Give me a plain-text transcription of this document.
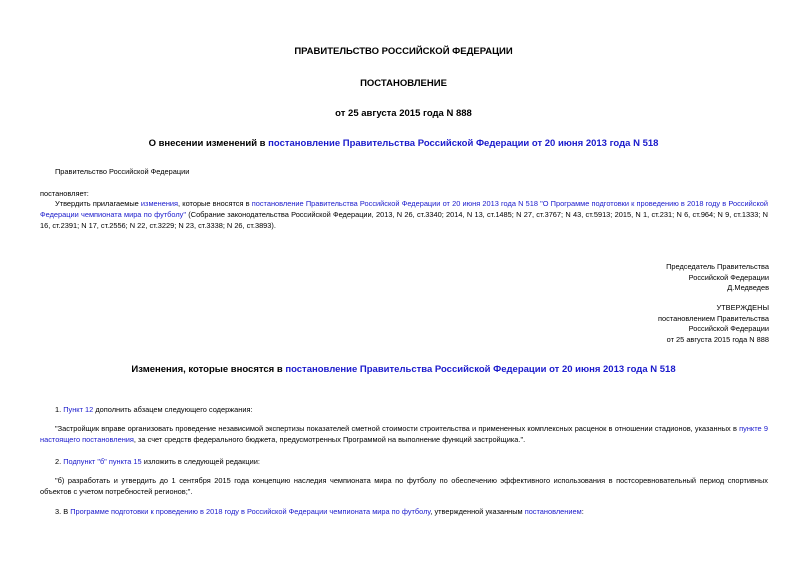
ПРАВИТЕЛЬСТВО РОССИЙСКОЙ ФЕДЕРАЦИИ
ПОСТАНОВЛЕНИЕ
от 25 августа 2015 года N 888
О внесении изменений в постановление Правительства Российской Федерации от 20 июня 2013 года N 518
Правительство Российской Федерации
постановляет:
Утвердить прилагаемые изменения, которые вносятся в постановление Правительства Российской Федерации от 20 июня 2013 года N 518 "О Программе подготовки к проведению в 2018 году в Российской Федерации чемпионата мира по футболу" (Собрание законодательства Российской Федерации, 2013, N 26, ст.3340; 2014, N 13, ст.1485; N 27, ст.3767; N 43, ст.5913; 2015, N 1, ст.231; N 6, ст.964; N 9, ст.1333; N 16, ст.2391; N 17, ст.2556; N 22, ст.3229; N 23, ст.3338; N 26, ст.3893).
Председатель Правительства
Российской Федерации
Д.Медведев
УТВЕРЖДЕНЫ
постановлением Правительства
Российской Федерации
от 25 августа 2015 года N 888
Изменения, которые вносятся в постановление Правительства Российской Федерации от 20 июня 2013 года N 518
1. Пункт 12 дополнить абзацем следующего содержания:
"Застройщик вправе организовать проведение независимой экспертизы показателей сметной стоимости строительства и примененных комплексных расценок в отношении стадионов, указанных в пункте 9 настоящего постановления, за счет средств федерального бюджета, предусмотренных Программой на выполнение функций застройщика.".
2. Подпункт "б" пункта 15 изложить в следующей редакции:
"б) разработать и утвердить до 1 сентября 2015 года концепцию наследия чемпионата мира по футболу по обеспечению эффективного использования в постсоревновательный период спортивных объектов с учетом потребностей регионов;".
3. В Программе подготовки к проведению в 2018 году в Российской Федерации чемпионата мира по футболу, утвержденной указанным постановлением:
